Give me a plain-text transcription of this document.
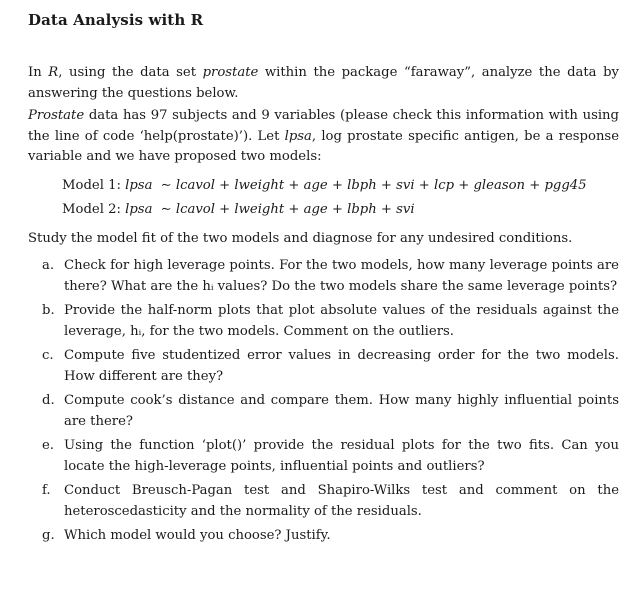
Data Analysis with R

In R, using the data set prostate within the package “faraway”, analyze the data by answering the questions below.

Prostate data has 97 subjects and 9 variables (please check this information with using the line of code ‘help(prostate)’). Let lpsa, log prostate specific antigen, be a response variable and we have proposed two models:

Model 1: lpsa ∼ lcavol + lweight + age + lbph + svi + lcp + gleason + pgg45
Model 2: lpsa ∼ lcavol + lweight + age + lbph + svi

Study the model fit of the two models and diagnose for any undesired conditions.

a. Check for high leverage points. For the two models, how many leverage points are there? What are the hᵢ values? Do the two models share the same leverage points?
b. Provide the half-norm plots that plot absolute values of the residuals against the leverage, hᵢ, for the two models. Comment on the outliers.
c. Compute five studentized error values in decreasing order for the two models. How different are they?
d. Compute cook’s distance and compare them. How many highly influential points are there?
e. Using the function ‘plot()’ provide the residual plots for the two fits. Can you locate the high-leverage points, influential points and outliers?
f. Conduct Breusch-Pagan test and Shapiro-Wilks test and comment on the heteroscedasticity and the normality of the residuals.
g. Which model would you choose? Justify.
